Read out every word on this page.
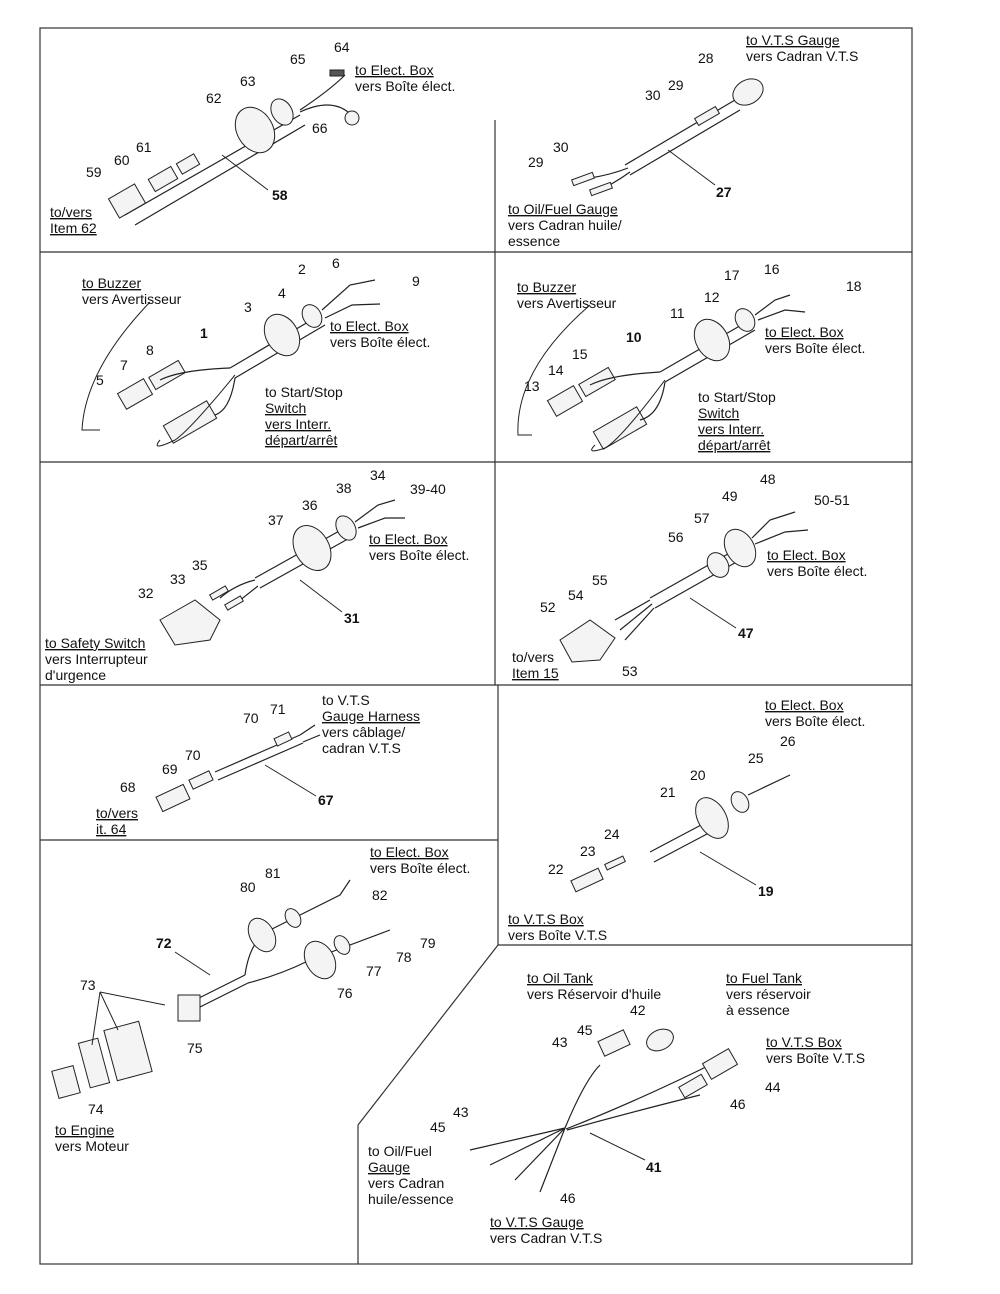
64
65
63
62
66
61
60
59
58
to Elect. Box
vers Boîte élect.
to/vers
Item 62
to V.T.S Gauge
vers Cadran V.T.S
28
29
30
30
29
27
to Oil/Fuel Gauge
vers Cadran huile/
essence
to Buzzer
vers Avertisseur
6
2
9
4
3
1
8
7
5
to Elect. Box
vers Boîte élect.
to Start/Stop
Switch
vers Interr.
départ/arrêt
to Buzzer
vers Avertisseur
17 16
18
12
11
10
15
14
13
to Elect. Box
vers Boîte élect.
to Start/Stop
Switch
vers Interr.
départ/arrêt
34
38	39-40
36
37
35
33
32
31
to Elect. Box
vers Boîte élect.
to Safety Switch
vers Interrupteur
d'urgence
48
49	50-51
57
56
55
54
52
53
47
to Elect. Box
vers Boîte élect.
to/vers
Item 15
to V.T.S
Gauge Harness
vers câblage/
cadran V.T.S
71
70
70
69
68
67
to/vers
it. 64
to Elect. Box
vers Boîte élect.
26
25
20
21
24
23
22
19
to V.T.S Box
vers Boîte V.T.S
to Elect. Box
vers Boîte élect.
81
80	82
79
78
77
76
72
73
75
74
to Engine
vers Moteur
to Oil Tank
vers Réservoir d'huile
to Fuel Tank
vers réservoir
à essence
to V.T.S Box
vers Boîte V.T.S
42
45
43
44
46
43
45
41
46
to Oil/Fuel
Gauge
vers Cadran
huile/essence
to V.T.S Gauge
vers Cadran V.T.S
